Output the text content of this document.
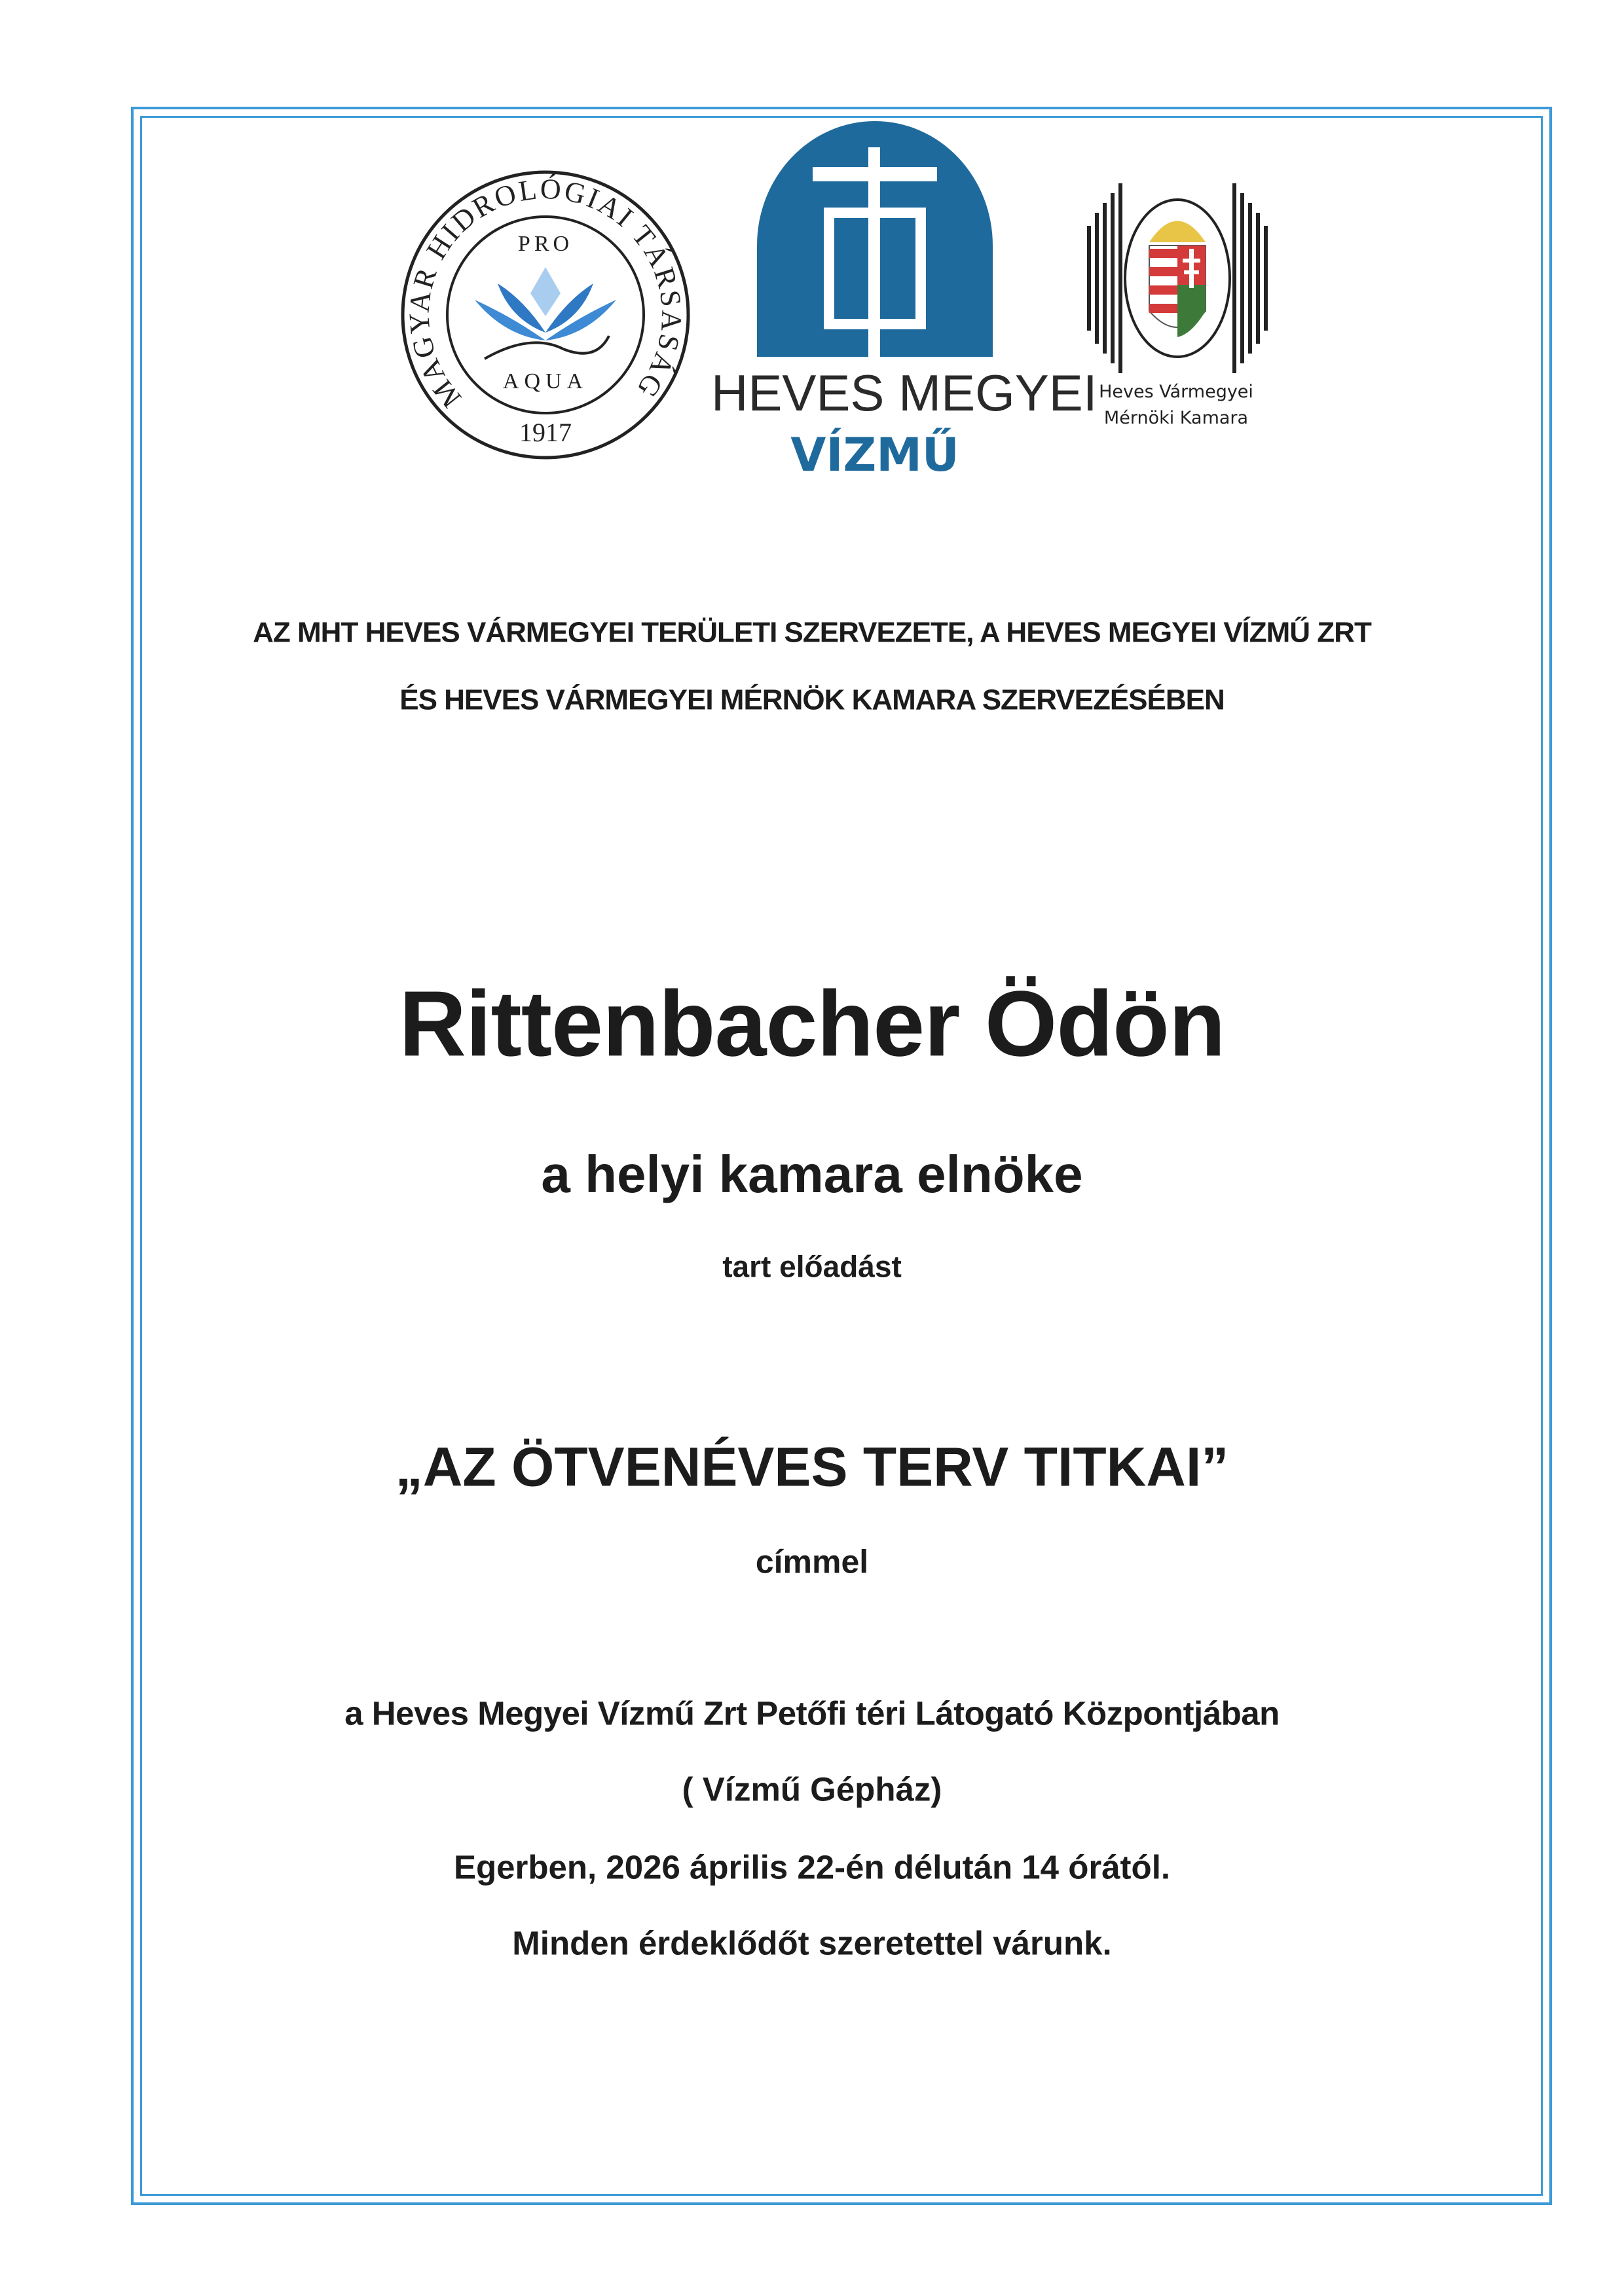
MAGYAR HIDROLÓGIAI TÁRSASÁG
PRO
AQUA
1917
HEVES MEGYEI
VÍZMŰ
Heves Vármegyei
Mérnöki Kamara
AZ MHT HEVES VÁRMEGYEI TERÜLETI SZERVEZETE, A HEVES MEGYEI VÍZMŰ ZRT
ÉS HEVES VÁRMEGYEI MÉRNÖK KAMARA SZERVEZÉSÉBEN
Rittenbacher Ödön
a helyi kamara elnöke
tart előadást
„AZ ÖTVENÉVES TERV TITKAI”
címmel
a Heves Megyei Vízmű Zrt Petőfi téri Látogató Központjában
( Vízmű Gépház)
Egerben, 2026 április 22-én délután 14 órától.
Minden érdeklődőt szeretettel várunk.
